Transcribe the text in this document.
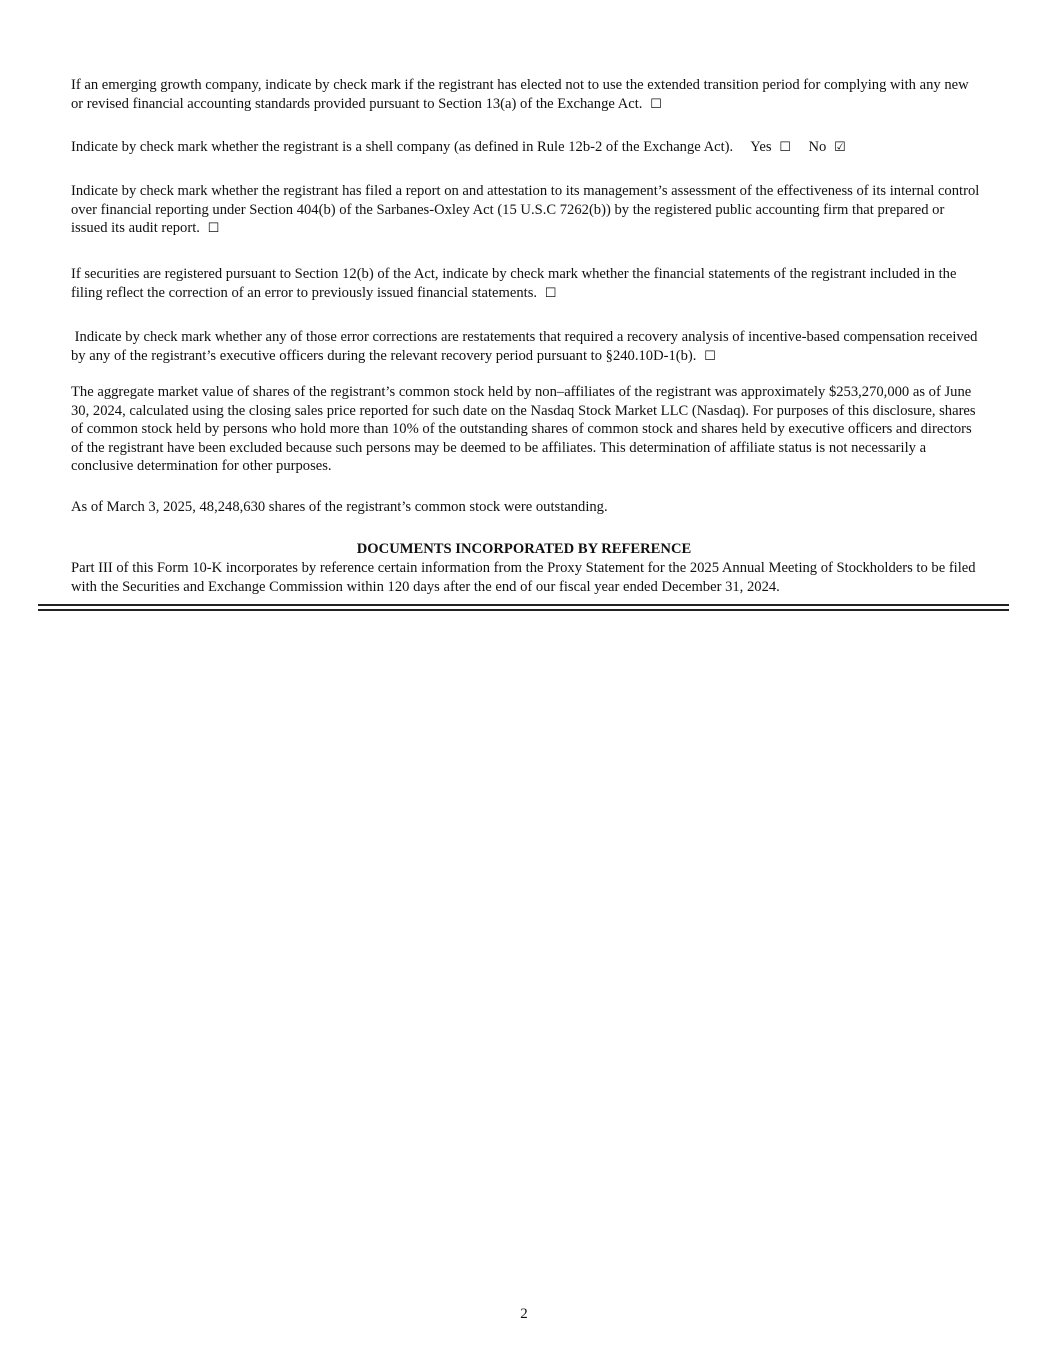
If an emerging growth company, indicate by check mark if the registrant has elected not to use the extended transition period for complying with any new or revised financial accounting standards provided pursuant to Section 13(a) of the Exchange Act. ☐

Indicate by check mark whether the registrant is a shell company (as defined in Rule 12b-2 of the Exchange Act). Yes ☐ No ☑

Indicate by check mark whether the registrant has filed a report on and attestation to its management’s assessment of the effectiveness of its internal control over financial reporting under Section 404(b) of the Sarbanes-Oxley Act (15 U.S.C 7262(b)) by the registered public accounting firm that prepared or issued its audit report. ☐

If securities are registered pursuant to Section 12(b) of the Act, indicate by check mark whether the financial statements of the registrant included in the filing reflect the correction of an error to previously issued financial statements. ☐

Indicate by check mark whether any of those error corrections are restatements that required a recovery analysis of incentive-based compensation received by any of the registrant’s executive officers during the relevant recovery period pursuant to §240.10D-1(b). ☐

The aggregate market value of shares of the registrant’s common stock held by non–affiliates of the registrant was approximately $253,270,000 as of June 30, 2024, calculated using the closing sales price reported for such date on the Nasdaq Stock Market LLC (Nasdaq). For purposes of this disclosure, shares of common stock held by persons who hold more than 10% of the outstanding shares of common stock and shares held by executive officers and directors of the registrant have been excluded because such persons may be deemed to be affiliates. This determination of affiliate status is not necessarily a conclusive determination for other purposes.

As of March 3, 2025, 48,248,630 shares of the registrant’s common stock were outstanding.

DOCUMENTS INCORPORATED BY REFERENCE

Part III of this Form 10-K incorporates by reference certain information from the Proxy Statement for the 2025 Annual Meeting of Stockholders to be filed with the Securities and Exchange Commission within 120 days after the end of our fiscal year ended December 31, 2024.

2
